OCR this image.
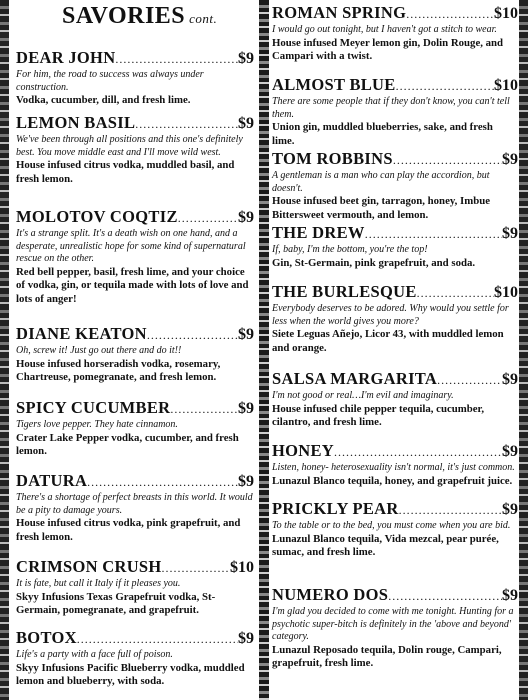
SAVORIES cont.
DEAR JOHN .....	$9
For him, the road to success was always under construction.
Vodka, cucumber, dill, and fresh lime.
LEMON BASIL .....	$9
We've been through all positions and this one's definitely best. You move middle east and I'll move wild west.
House infused citrus vodka, muddled basil, and fresh lemon.
MOLOTOV COQTIZ .....	$9
It's a strange split. It's a death wish on one hand, and a desperate, unrealistic hope for some kind of supernatural rescue on the other.
Red bell pepper, basil, fresh lime, and your choice of vodka, gin, or tequila made with lots of love and lots of anger!
DIANE KEATON .....	$9
Oh, screw it! Just go out there and do it!!
House infused horseradish vodka, rosemary, Chartreuse, pomegranate, and fresh lemon.
SPICY CUCUMBER .....	$9
Tigers love pepper. They hate cinnamon.
Crater Lake Pepper vodka, cucumber, and fresh lemon.
DATURA .....	$9
There's a shortage of perfect breasts in this world. It would be a pity to damage yours.
House infused citrus vodka, pink grapefruit, and fresh lemon.
CRIMSON CRUSH .....	$10
It is fate, but call it Italy if it pleases you.
Skyy Infusions Texas Grapefruit vodka, St-Germain, pomegranate, and grapefruit.
BOTOX .....	$9
Life's a party with a face full of poison.
Skyy Infusions Pacific Blueberry vodka, muddled lemon and blueberry, with soda.
ROMAN SPRING .....	$10
I would go out tonight, but I haven't got a stitch to wear.
House infused Meyer lemon gin, Dolin Rouge, and Campari with a twist.
ALMOST BLUE .....	$10
There are some people that if they don't know, you can't tell them.
Union gin, muddled blueberries, sake, and fresh lime.
TOM ROBBINS .....	$9
A gentleman is a man who can play the accordion, but doesn't.
House infused beet gin, tarragon, honey, Imbue Bittersweet vermouth, and lemon.
THE DREW .....	$9
If, baby, I'm the bottom, you're the top!
Gin, St-Germain, pink grapefruit, and soda.
THE BURLESQUE .....	$10
Everybody deserves to be adored. Why would you settle for less when the world gives you more?
Siete Leguas Añejo, Licor 43, with muddled lemon and orange.
SALSA MARGARITA .....	$9
I'm not good or real…I'm evil and imaginary.
House infused chile pepper tequila, cucumber, cilantro, and fresh lime.
HONEY .....	$9
Listen, honey- heterosexuality isn't normal, it's just common.
Lunazul Blanco tequila, honey, and grapefruit juice.
PRICKLY PEAR .....	$9
To the table or to the bed, you must come when you are bid.
Lunazul Blanco tequila, Vida mezcal, pear purée, sumac, and fresh lime.
NUMERO DOS .....	$9
I'm glad you decided to come with me tonight. Hunting for a psychotic super-bitch is definitely in the 'above and beyond' category.
Lunazul Reposado tequila, Dolin rouge, Campari, grapefruit, fresh lime.
